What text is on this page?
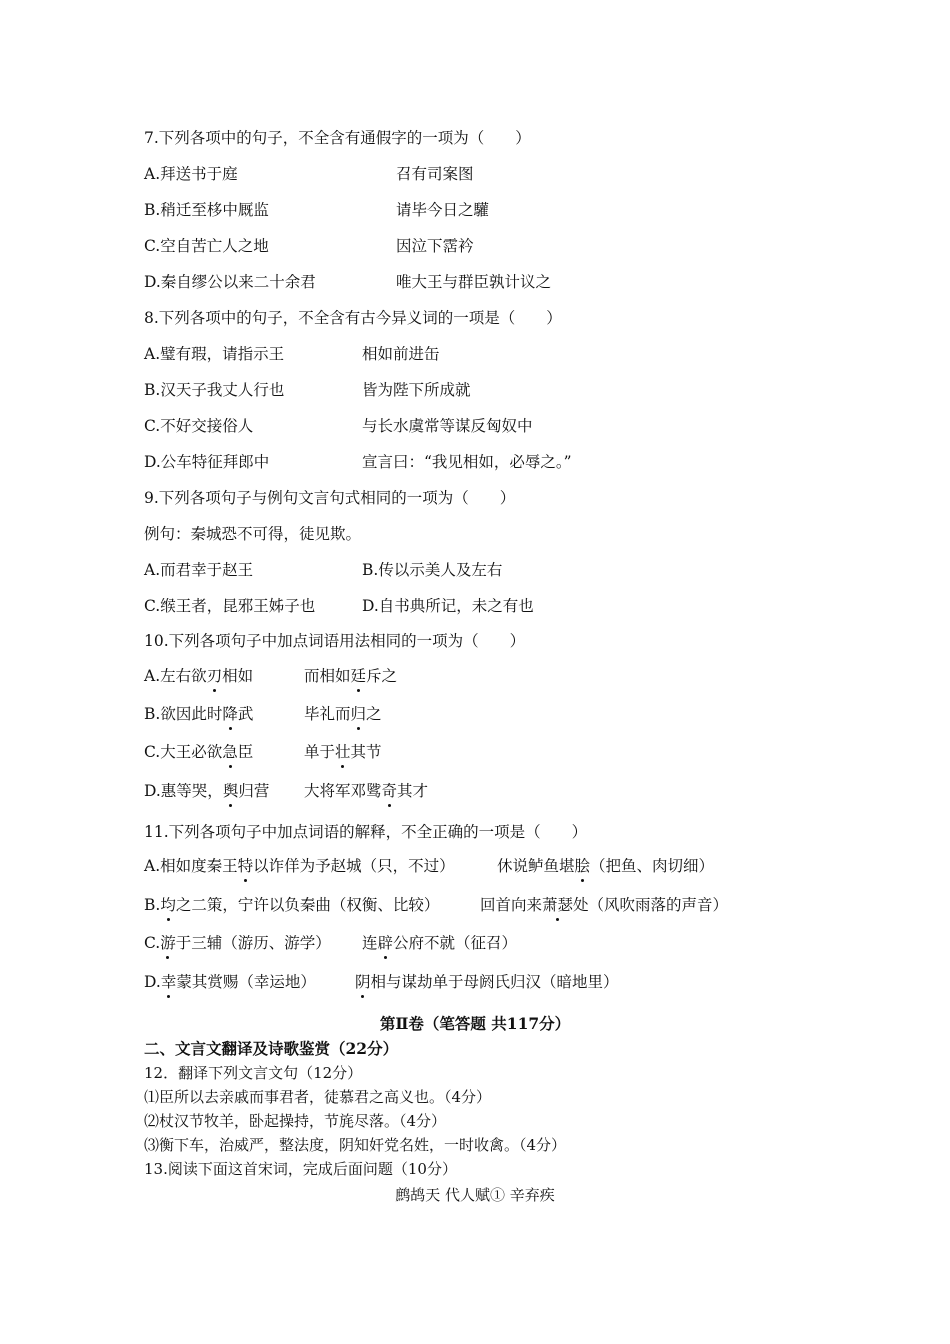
7.下列各项中的句子，不全含有通假字的一项为（　　）
A.拜送书于庭	召有司案图
B.稍迁至栘中厩监	请毕今日之驩
C.空自苦亡人之地	因泣下霑衿
D.秦自缪公以来二十余君	唯大王与群臣孰计议之
8.下列各项中的句子，不全含有古今异义词的一项是（　　）
A.璧有瑕，请指示王	相如前进缶
B.汉天子我丈人行也	皆为陛下所成就
C.不好交接俗人	与长水虞常等谋反匈奴中
D.公车特征拜郎中	宣言曰：“我见相如，必辱之。”
9.下列各项句子与例句文言句式相同的一项为（　　）
例句：秦城恐不可得，徒见欺。
A.而君幸于赵王	B.传以示美人及左右
C.缑王者，昆邪王姊子也	D.自书典所记，未之有也
10.下列各项句子中加点词语用法相同的一项为（　　）
A.左右欲刃相如	而相如廷斥之
B.欲因此时降武	毕礼而归之
C.大王必欲急臣	单于壮其节
D.惠等哭，舆归营 大将军邓骘奇其才
11.下列各项句子中加点词语的解释，不全正确的一项是（　　）
A.相如度秦王特以诈佯为予赵城（只，不过）	休说鲈鱼堪脍（把鱼、肉切细）
B.均之二策，宁许以负秦曲（权衡、比较）	回首向来萧瑟处（风吹雨落的声音）
C.游于三辅（游历、游学） 连辟公府不就（征召）
D.幸蒙其赏赐（幸运地）	阴相与谋劫单于母阏氏归汉（暗地里）
第Ⅱ卷（笔答题 共117分）
二、文言文翻译及诗歌鉴赏（22分）
12．翻译下列文言文句（12分）
⑴臣所以去亲戚而事君者，徒慕君之高义也。（4分）
⑵杖汉节牧羊，卧起操持，节旄尽落。（4分）
⑶衡下车，治威严，整法度，阴知奸党名姓，一时收禽。（4分）
13.阅读下面这首宋词，完成后面问题（10分）
鹧鸪天 代人赋① 辛弃疾
